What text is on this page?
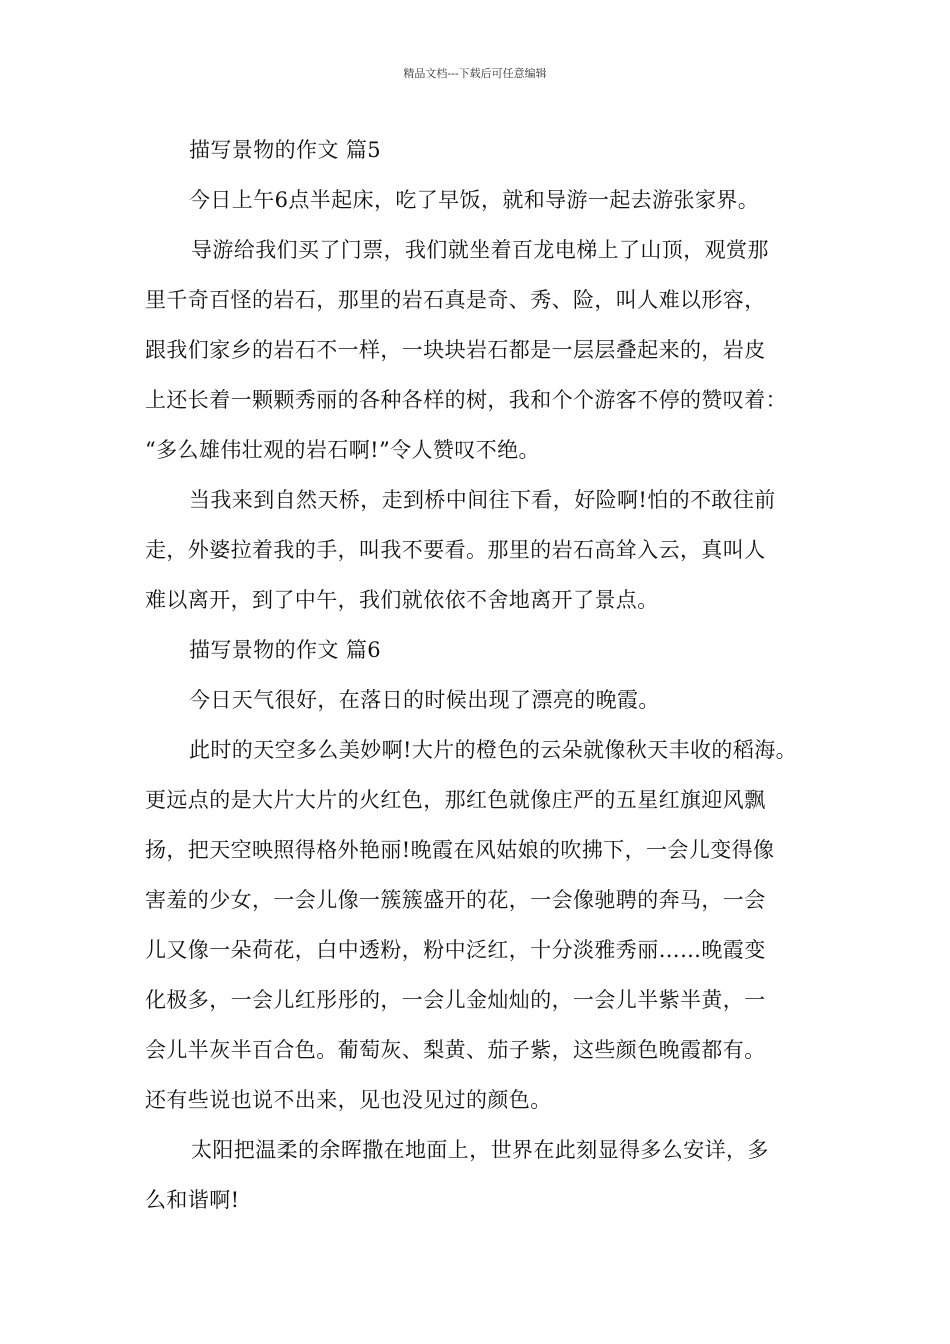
精品文档---下载后可任意编辑
描写景物的作文 篇5
今日上午6点半起床，吃了早饭，就和导游一起去游张家界。
导游给我们买了门票，我们就坐着百龙电梯上了山顶，观赏那
里千奇百怪的岩石，那里的岩石真是奇、秀、险，叫人难以形容，
跟我们家乡的岩石不一样，一块块岩石都是一层层叠起来的，岩皮
上还长着一颗颗秀丽的各种各样的树，我和个个游客不停的赞叹着：
“多么雄伟壮观的岩石啊!”令人赞叹不绝。
当我来到自然天桥，走到桥中间往下看，好险啊!怕的不敢往前
走，外婆拉着我的手，叫我不要看。那里的岩石高耸入云，真叫人
难以离开，到了中午，我们就依依不舍地离开了景点。
描写景物的作文 篇6
今日天气很好，在落日的时候出现了漂亮的晚霞。
此时的天空多么美妙啊!大片的橙色的云朵就像秋天丰收的稻海。
更远点的是大片大片的火红色，那红色就像庄严的五星红旗迎风飘
扬，把天空映照得格外艳丽!晚霞在风姑娘的吹拂下，一会儿变得像
害羞的少女，一会儿像一簇簇盛开的花，一会像驰聘的奔马，一会
儿又像一朵荷花，白中透粉，粉中泛红，十分淡雅秀丽……晚霞变
化极多，一会儿红彤彤的，一会儿金灿灿的，一会儿半紫半黄，一
会儿半灰半百合色。葡萄灰、梨黄、茄子紫，这些颜色晚霞都有。
还有些说也说不出来，见也没见过的颜色。
太阳把温柔的余晖撒在地面上，世界在此刻显得多么安详，多
么和谐啊!
